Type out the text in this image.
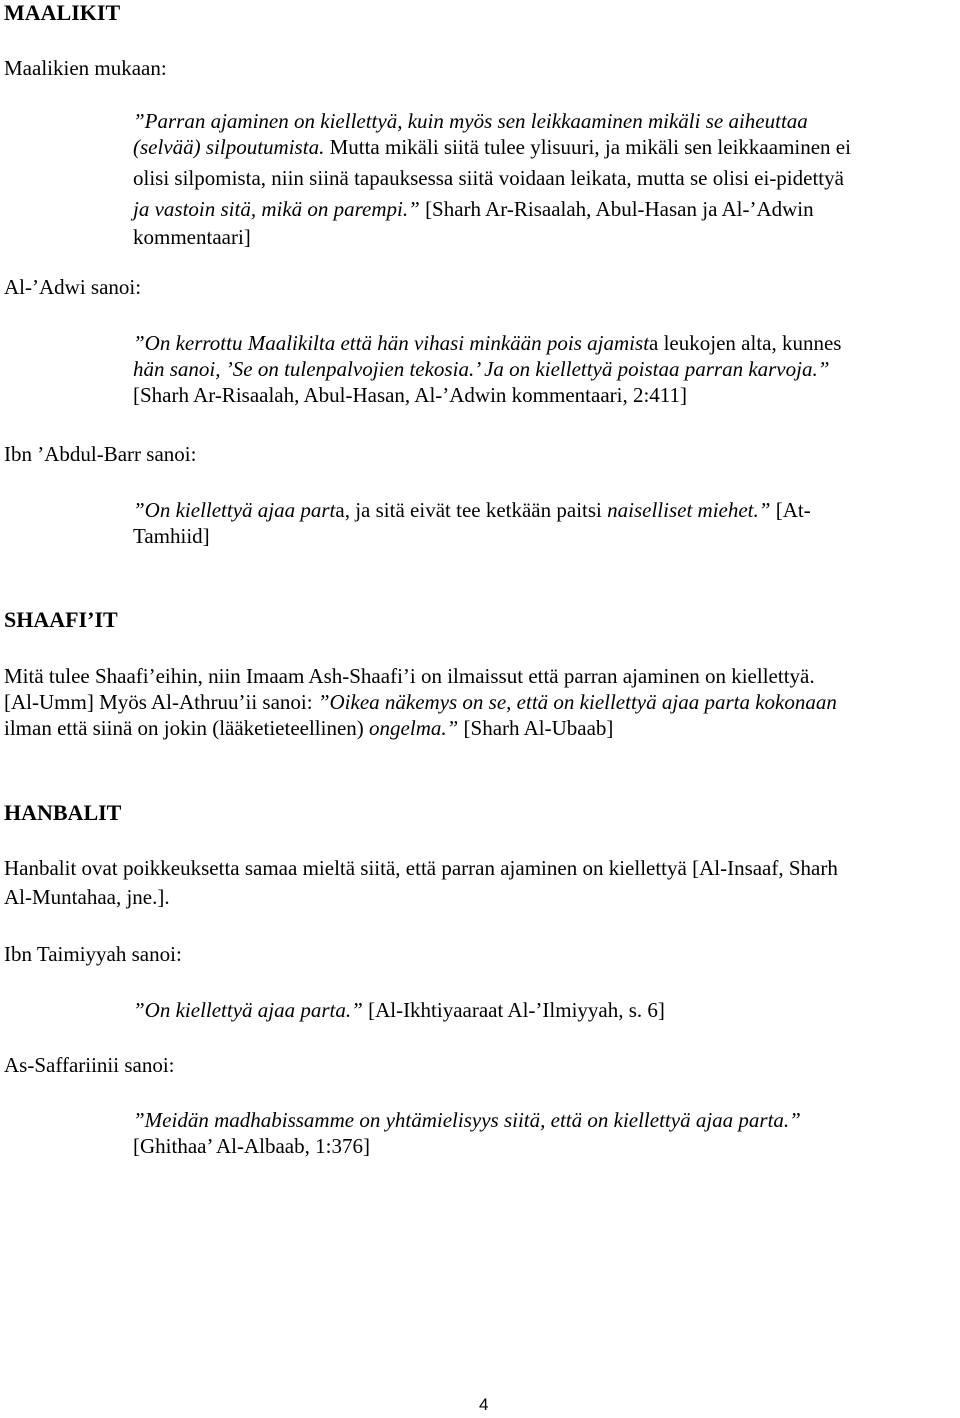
MAALIKIT
Maalikien mukaan:
”Parran ajaminen on kiellettyä, kuin myös sen leikkaaminen mikäli se aiheuttaa
(selvää) silpoutumista. Mutta mikäli siitä tulee ylisuuri, ja mikäli sen leikkaaminen ei
olisi silpomista, niin siinä tapauksessa siitä voidaan leikata, mutta se olisi ei-pidettyä
ja vastoin sitä, mikä on parempi.” [Sharh Ar-Risaalah, Abul-Hasan ja Al-’Adwin
kommentaari]
Al-’Adwi sanoi:
”On kerrottu Maalikilta että hän vihasi minkään pois ajamista leukojen alta, kunnes
hän sanoi, ’Se on tulenpalvojien tekosia.’ Ja on kiellettyä poistaa parran karvoja.”
[Sharh Ar-Risaalah, Abul-Hasan, Al-’Adwin kommentaari, 2:411]
Ibn ’Abdul-Barr sanoi:
”On kiellettyä ajaa parta, ja sitä eivät tee ketkään paitsi naiselliset miehet.” [At-
Tamhiid]
SHAAFI’IT
Mitä tulee Shaafi’eihin, niin Imaam Ash-Shaafi’i on ilmaissut että parran ajaminen on kiellettyä.
[Al-Umm] Myös Al-Athruu’ii sanoi: ”Oikea näkemys on se, että on kiellettyä ajaa parta kokonaan
ilman että siinä on jokin (lääketieteellinen) ongelma.” [Sharh Al-Ubaab]
HANBALIT
Hanbalit ovat poikkeuksetta samaa mieltä siitä, että parran ajaminen on kiellettyä [Al-Insaaf, Sharh
Al-Muntahaa, jne.].
Ibn Taimiyyah sanoi:
”On kiellettyä ajaa parta.” [Al-Ikhtiyaaraat Al-’Ilmiyyah, s. 6]
As-Saffariinii sanoi:
”Meidän madhabissamme on yhtämielisyys siitä, että on kiellettyä ajaa parta.”
[Ghithaa’ Al-Albaab, 1:376]
4
